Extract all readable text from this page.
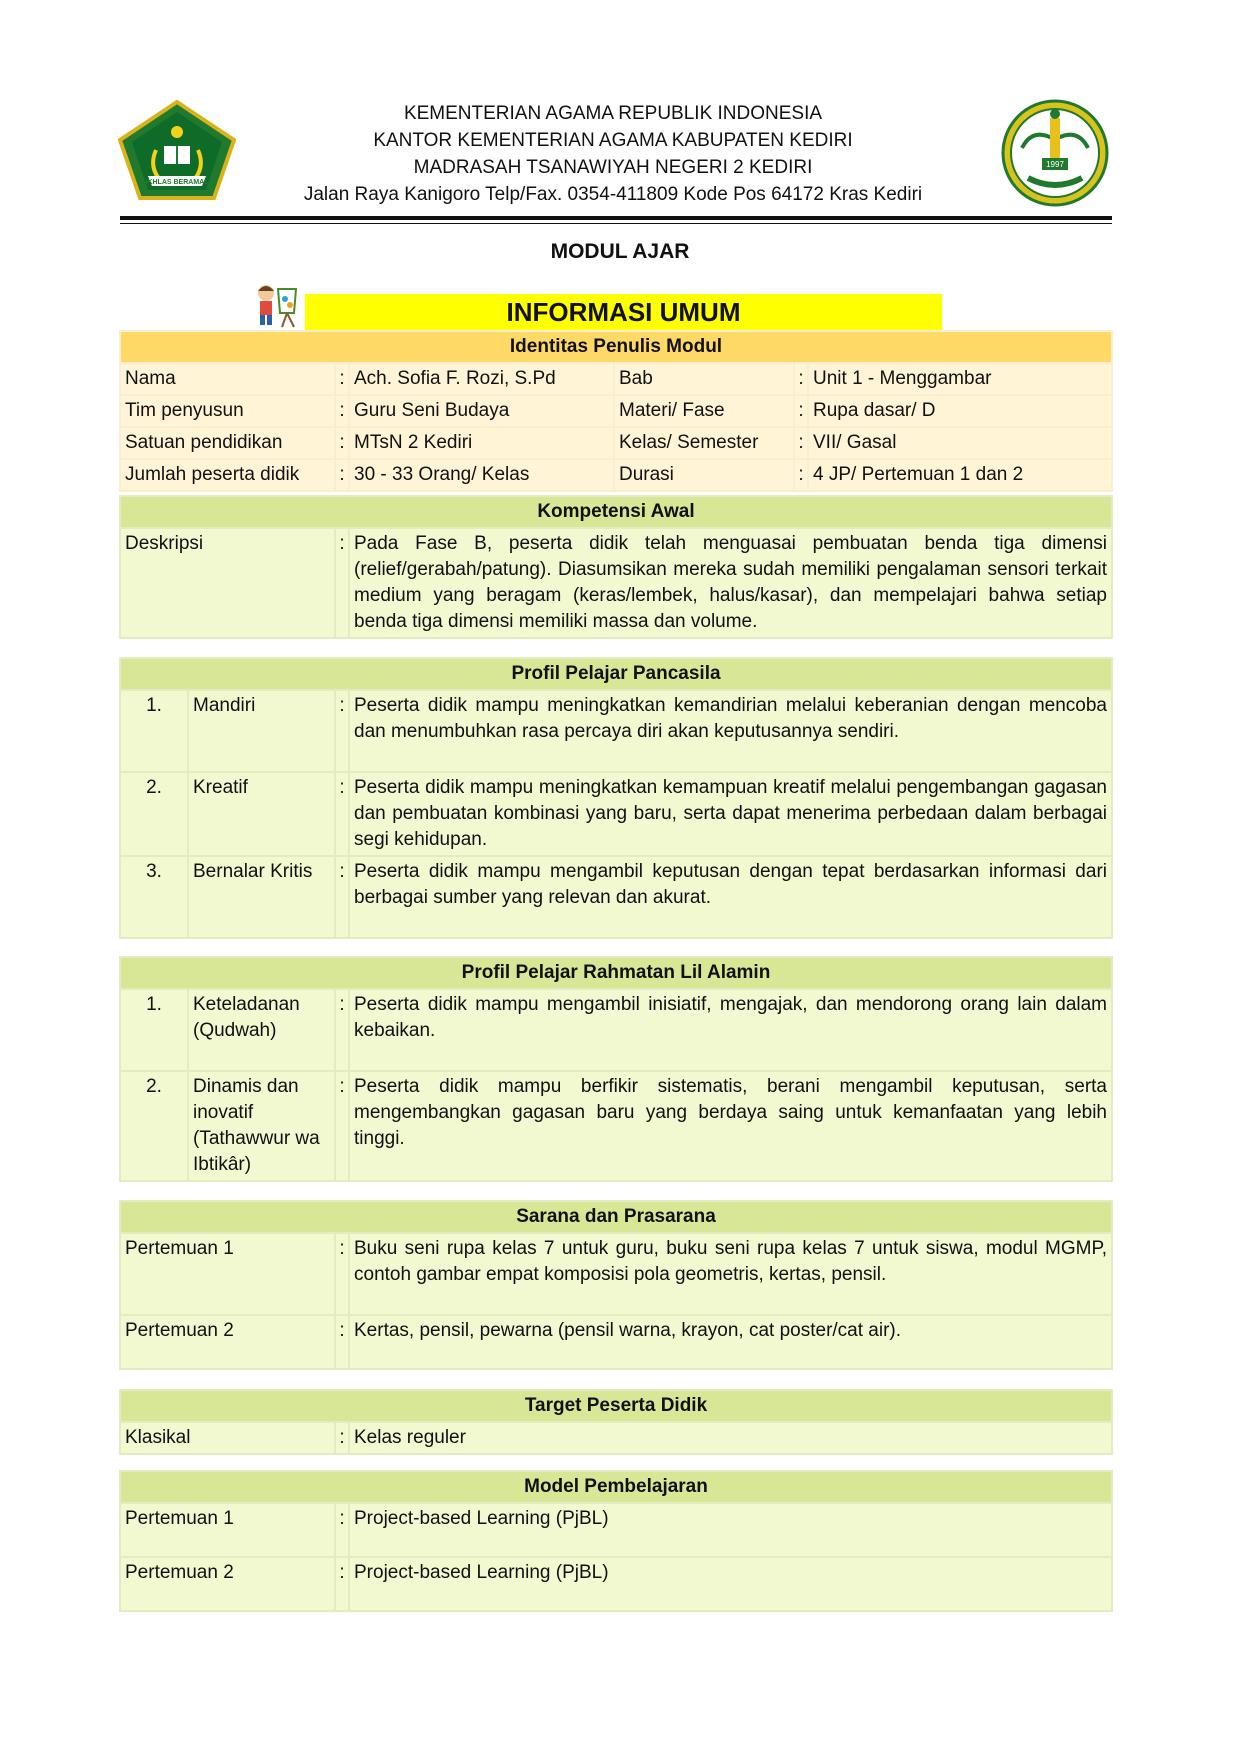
IKHLAS BERAMAL
1997
KEMENTERIAN AGAMA REPUBLIK INDONESIA
KANTOR KEMENTERIAN AGAMA KABUPATEN KEDIRI
MADRASAH TSANAWIYAH NEGERI 2 KEDIRI
Jalan Raya Kanigoro Telp/Fax. 0354-411809 Kode Pos 64172 Kras Kediri
MODUL AJAR
INFORMASI UMUM
Identitas Penulis Modul					
Nama	:	Ach. Sofia F. Rozi, S.Pd	Bab	:	Unit 1 - Menggambar
Tim penyusun	:	Guru Seni Budaya	Materi/ Fase	:	Rupa dasar/ D
Satuan pendidikan	:	MTsN 2 Kediri	Kelas/ Semester	:	VII/ Gasal
Jumlah peserta didik	:	30 - 33 Orang/ Kelas	Durasi	:	4 JP/ Pertemuan 1 dan 2
Kompetensi Awal
Deskripsi	:	Pada Fase B, peserta didik telah menguasai pembuatan benda tiga dimensi (relief/gerabah/patung). Diasumsikan mereka sudah memiliki pengalaman sensori terkait medium yang beragam (keras/lembek, halus/kasar), dan mempelajari bahwa setiap benda tiga dimensi memiliki massa dan volume.
Profil Pelajar Pancasila			
1.	Mandiri	:	Peserta didik mampu meningkatkan kemandirian melalui keberanian dengan mencoba dan menumbuhkan rasa percaya diri akan keputusannya sendiri.
2.	Kreatif	:	Peserta didik mampu meningkatkan kemampuan kreatif melalui pengembangan gagasan dan pembuatan kombinasi yang baru, serta dapat menerima perbedaan dalam berbagai segi kehidupan.
3.	Bernalar Kritis	:	Peserta didik mampu mengambil keputusan dengan tepat berdasarkan informasi dari berbagai sumber yang relevan dan akurat.
Profil Pelajar Rahmatan Lil Alamin			
1.	Keteladanan (Qudwah)	:	Peserta didik mampu mengambil inisiatif, mengajak, dan mendorong orang lain dalam kebaikan.
2.	Dinamis dan inovatif (Tathawwur wa Ibtikâr)	:	Peserta didik mampu berfikir sistematis, berani mengambil keputusan, serta mengembangkan gagasan baru yang berdaya saing untuk kemanfaatan yang lebih tinggi.
Sarana dan Prasarana		
Pertemuan 1	:	Buku seni rupa kelas 7 untuk guru, buku seni rupa kelas 7 untuk siswa, modul MGMP, contoh gambar empat komposisi pola geometris, kertas, pensil.
Pertemuan 2	:	Kertas, pensil, pewarna (pensil warna, krayon, cat poster/cat air).
Target Peserta Didik
Klasikal	:	Kelas reguler
Model Pembelajaran		
Pertemuan 1	:	Project-based Learning (PjBL)
Pertemuan 2	:	Project-based Learning (PjBL)
